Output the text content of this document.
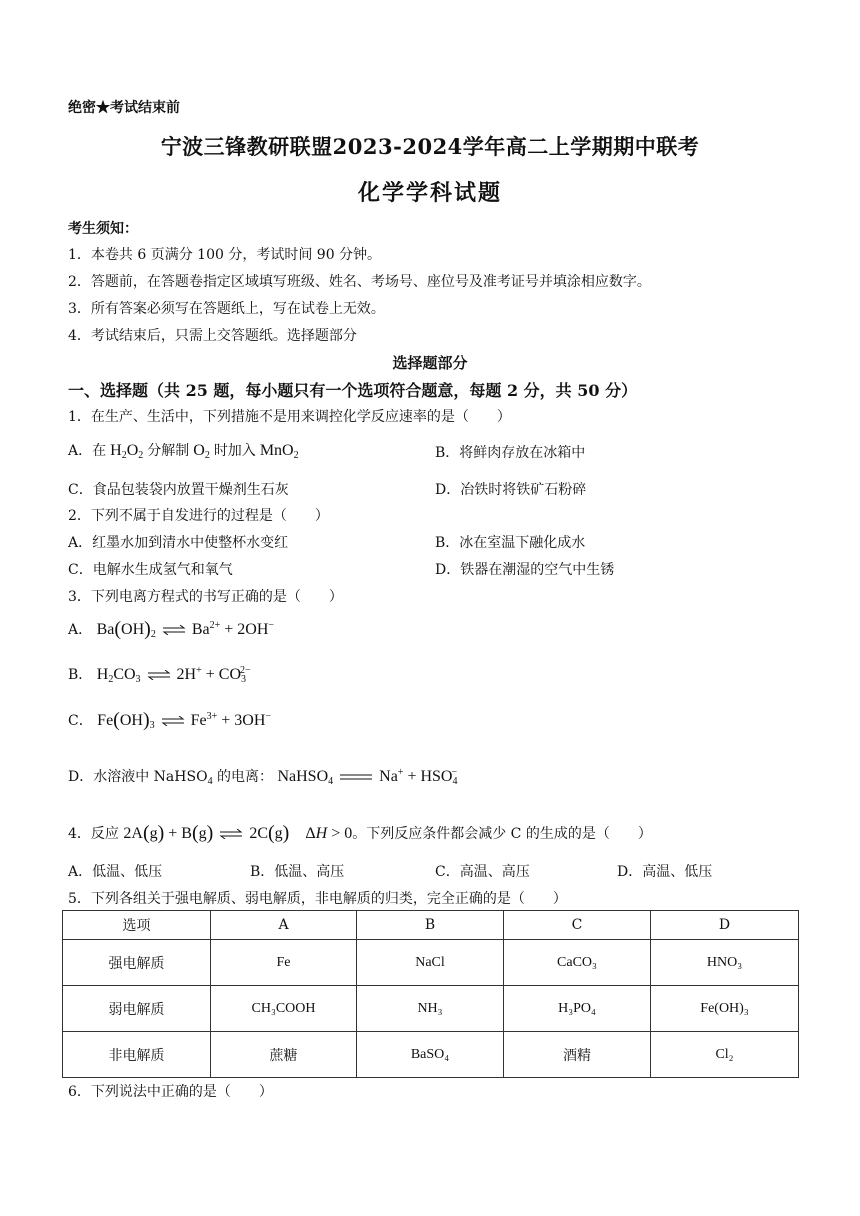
绝密★考试结束前
宁波三锋教研联盟2023-2024学年高二上学期期中联考
化学学科试题
考生须知：
1．本卷共 6 页满分 100 分，考试时间 90 分钟。
2．答题前，在答题卷指定区域填写班级、姓名、考场号、座位号及准考证号并填涂相应数字。
3．所有答案必须写在答题纸上，写在试卷上无效。
4．考试结束后，只需上交答题纸。选择题部分
选择题部分
一、选择题（共 25 题，每小题只有一个选项符合题意，每题 2 分，共 50 分）
1．在生产、生活中，下列措施不是用来调控化学反应速率的是（　　）
A．在 $H_2O_2$ 分解制 $O_2$ 时加入 MnO$_2$	B．将鲜肉存放在冰箱中
C．食品包装袋内放置干燥剂生石灰	D．冶铁时将铁矿石粉碎
2．下列不属于自发进行的过程是（　　）
A．红墨水加到清水中使整杯水变红	B．冰在室温下融化成水
C．电解水生成氢气和氧气	D．铁器在潮湿的空气中生锈
3．下列电离方程式的书写正确的是（　　）
A． $Ba(OH)_2$ ⇌ $Ba^{2+} + 2OH^-$
B． $H_2CO_3$ ⇌ $2H^+ + CO_3^{2-}$
C． $Fe(OH)_3$ ⇌ $Fe^{3+} + 3OH^-$
D．水溶液中 NaHSO$_4$ 的电离： NaHSO$_4$	$Na^+ + HSO_4^-$
4．反应 2A(g) + B(g) ⇌ 2C(g)    ΔH > 0。下列反应条件都会减少 C 的生成的是（　　）
A．低温、低压	B．低温、高压	C．高温、高压	D．高温、低压
5．下列各组关于强电解质、弱电解质，非电解质的归类，完全正确的是（　　）
选项	A	B	C	D
强电解质	Fe	NaCl	CaCO₃	HNO₃
弱电解质	CH₃COOH	NH₃	H₃PO₄	Fe(OH)₃
非电解质	蔗糖	BaSO₄	酒精	Cl₂
6．下列说法中正确的是（　　）
